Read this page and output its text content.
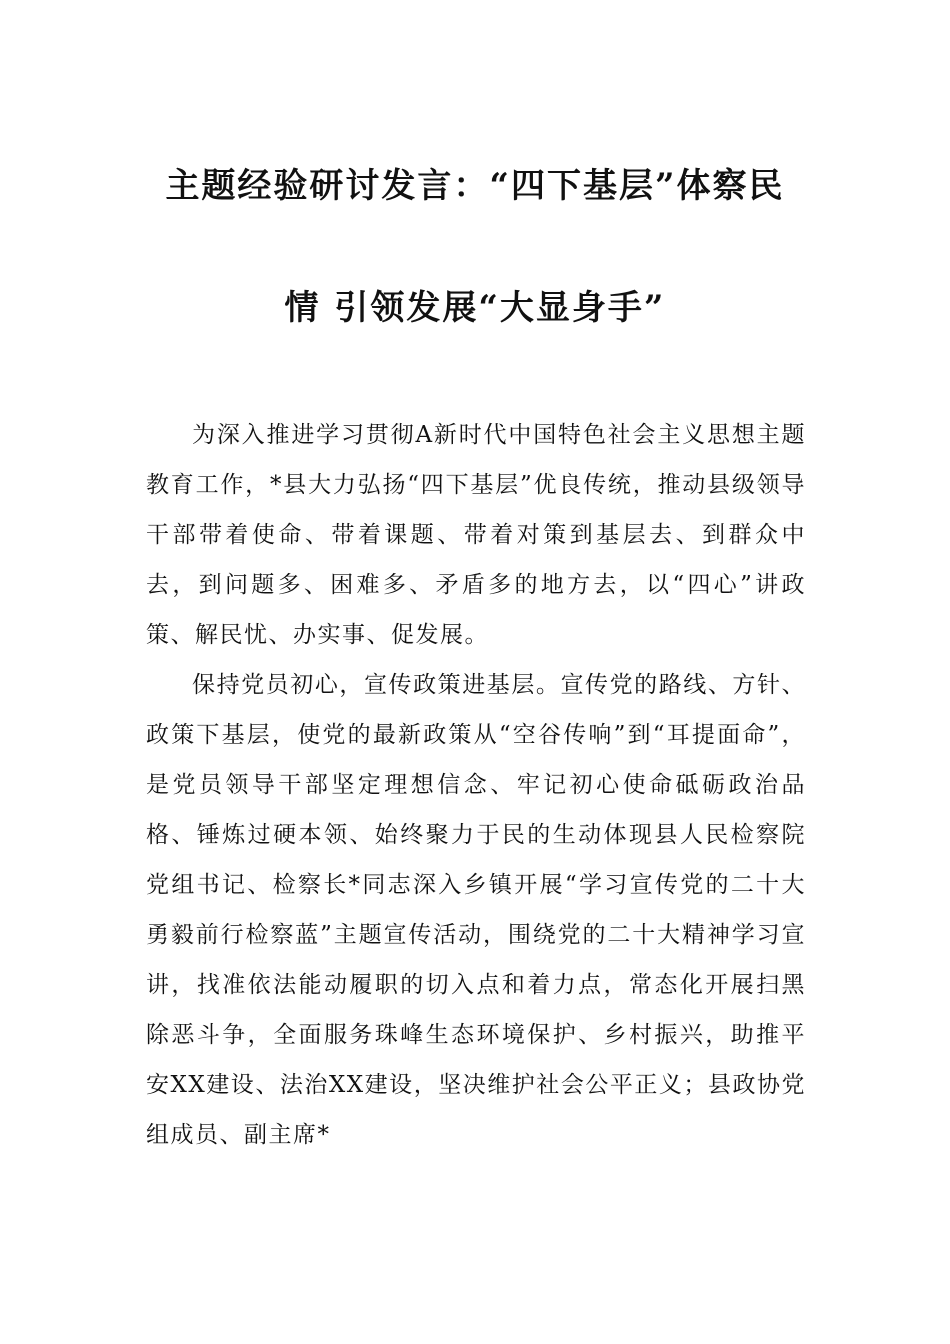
主题经验研讨发言：“四下基层”体察民
情 引领发展“大显身手”

为深入推进学习贯彻A新时代中国特色社会主义思想主题教育工作，*县大力弘扬“四下基层”优良传统，推动县级领导干部带着使命、带着课题、带着对策到基层去、到群众中去，到问题多、困难多、矛盾多的地方去，以“四心”讲政策、解民忧、办实事、促发展。

保持党员初心，宣传政策进基层。宣传党的路线、方针、政策下基层，使党的最新政策从“空谷传响”到“耳提面命”，是党员领导干部坚定理想信念、牢记初心使命砥砺政治品格、锤炼过硬本领、始终聚力于民的生动体现县人民检察院党组书记、检察长*同志深入乡镇开展“学习宣传党的二十大 勇毅前行检察蓝”主题宣传活动，围绕党的二十大精神学习宣讲，找准依法能动履职的切入点和着力点，常态化开展扫黑除恶斗争，全面服务珠峰生态环境保护、乡村振兴，助推平安XX建设、法治XX建设，坚决维护社会公平正义；县政协党组成员、副主席*
